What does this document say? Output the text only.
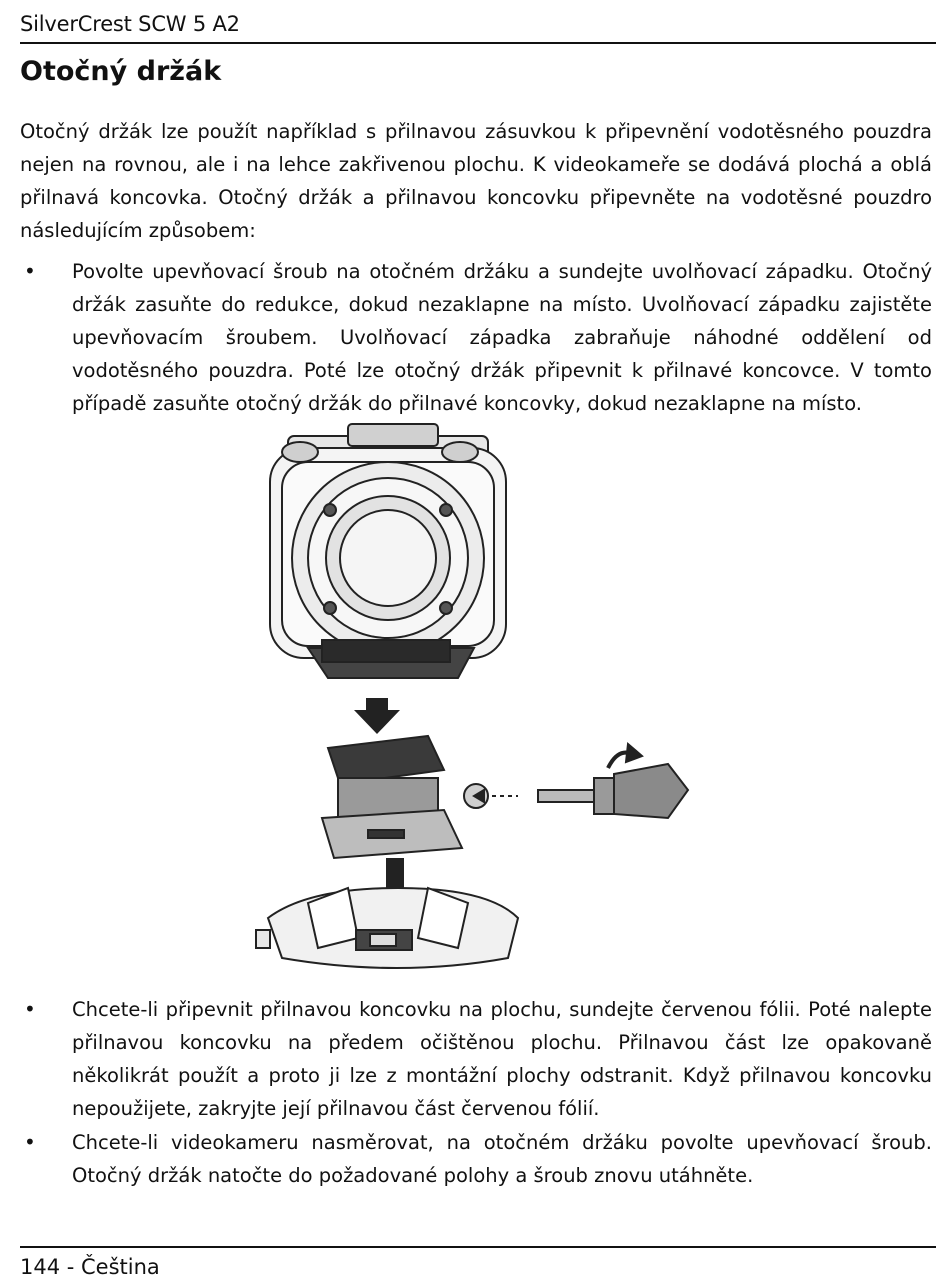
SilverCrest SCW 5 A2
Otočný držák

Otočný držák lze použít například s přilnavou zásuvkou k připevnění vodotěsného pouzdra nejen na rovnou, ale i na lehce zakřivenou plochu. K videokameře se dodává plochá a oblá přilnavá koncovka. Otočný držák a přilnavou koncovku připevněte na vodotěsné pouzdro následujícím způsobem:

• Povolte upevňovací šroub na otočném držáku a sundejte uvolňovací západku. Otočný držák zasuňte do redukce, dokud nezaklapne na místo. Uvolňovací západku zajistěte upevňovacím šroubem. Uvolňovací západka zabraňuje náhodné oddělení od vodotěsného pouzdra. Poté lze otočný držák připevnit k přilnavé koncovce. V tomto případě zasuňte otočný držák do přilnavé koncovky, dokud nezaklapne na místo.
• Chcete-li připevnit přilnavou koncovku na plochu, sundejte červenou fólii. Poté nalepte přilnavou koncovku na předem očištěnou plochu. Přilnavou část lze opakovaně několikrát použít a proto ji lze z montážní plochy odstranit. Když přilnavou koncovku nepoužijete, zakryjte její přilnavou část červenou fólií.
• Chcete-li videokameru nasměrovat, na otočném držáku povolte upevňovací šroub. Otočný držák natočte do požadované polohy a šroub znovu utáhněte.
144 - Čeština
